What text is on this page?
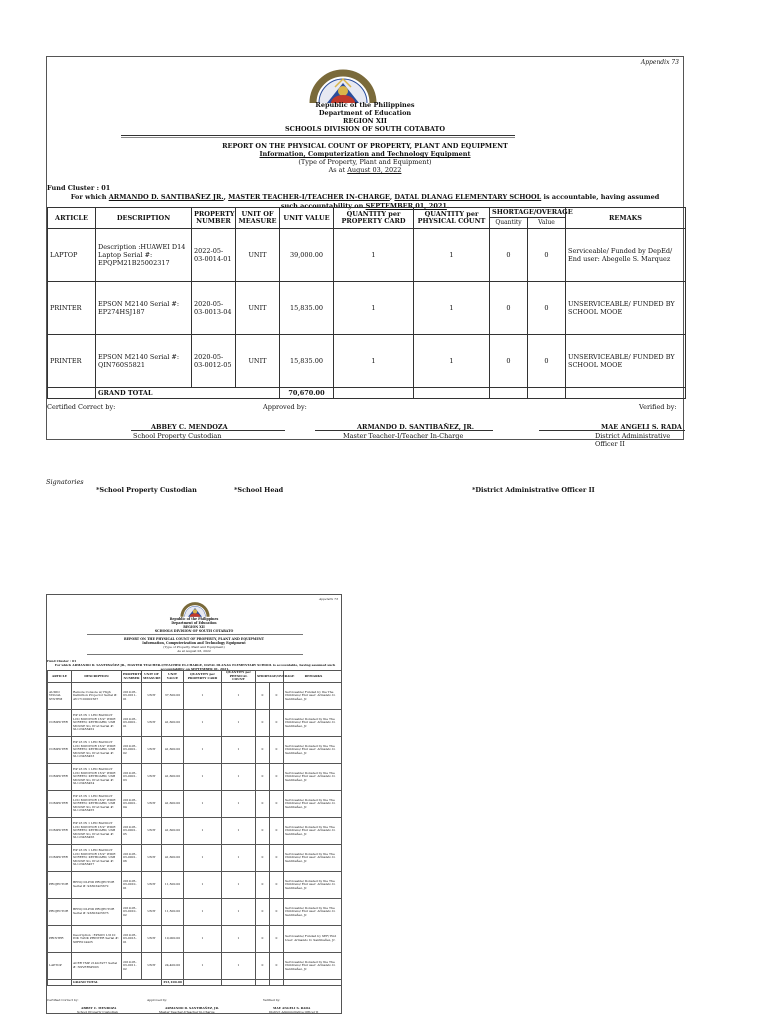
Appendix 73
Republic of the Philippines
Department of Education
REGION XII
SCHOOLS DIVISION OF SOUTH COTABATO
REPORT ON THE PHYSICAL COUNT OF PROPERTY, PLANT AND EQUIPMENT
Information, Computerization and Technology Equipment
(Type of Property, Plant and Equipment)
As at August 03, 2022
Fund Cluster : 01
For which ARMANDO D. SANTIBAÑEZ JR., MASTER TEACHER-I/TEACHER IN-CHARGE, DATAL DLANAG ELEMENTARY SCHOOL is accountable, having assumed such accountability on SEPTEMBER 01, 2021.
ARTICLE	DESCRIPTION	PROPERTY NUMBER	UNIT OF MEASURE	UNIT VALUE	QUANTITY per PROPERTY CARD	QUANTITY per PHYSICAL COUNT	SHORTAGE/OVERAGE		REMAKS
							Quantity	Value	
LAPTOP	Description :HUAWEI D14 Laptop Serial #: EPQPM21B25002317	2022-05-03-0014-01	UNIT	39,000.00	1	1	0	0	Serviceable/ Funded by DepEd/ End user: Abegelle S. Marquez
PRINTER	EPSON M2140 Serial #: EP274HSJ187	2020-05-03-0013-04	UNIT	15,835.00	1	1	0	0	UNSERVICEABLE/ FUNDED BY SCHOOL MOOE
PRINTER	EPSON M2140 Serial #: QIN760S5821	2020-05-03-0012-05	UNIT	15,835.00	1	1	0	0	UNSERVICEABLE/ FUNDED BY SCHOOL MOOE
	GRAND TOTAL			70,670.00					
Certified Correct by:	Approved by:	Verified by:
ABBEY C. MENDOZA	ARMANDO D. SANTIBAÑEZ, JR.	MAE ANGELI S. RADA
School Property Custodian	Master Teacher-I/Teacher In-Charge	District Administrative Officer II
Signatories
*School Property Custodian	*School Head	*District Administrative Officer II
Appendix 73
Republic of the Philippines
Department of Education
REGION XII
SCHOOLS DIVISION OF SOUTH COTABATO
REPORT ON THE PHYSICAL COUNT OF PROPERTY, PLANT AND EQUIPMENT
Information, Computerization and Technology Equipment
(Type of Property, Plant and Equipment)
As at August 03, 2022
Fund Cluster : 01
For which ARMANDO D. SANTIBAÑEZ JR., MASTER TEACHER-I/TEACHER IN-CHARGE, DATAL DLANAG ELEMENTARY SCHOOL is accountable, having assumed such accountability on SEPTEMBER 01, 2021.
ARTICLE	DESCRIPTION	PROPERTY NUMBER	UNIT OF MEASURE	UNIT VALUE	QUANTITY per PROPERTY CARD	QUANTITY per PHYSICAL COUNT	SHORTAGE/OVERAGE		REMARKS
AUDIO VISUAL SYSTEM	Remote Console w/ High Definition Projector Serial #: AV17100001567	2019-05-03-0011-01	UNIT	37,500.00	1	1	0	0	Serviceable/ Funded by the The Childrens/ End user: Armando D. Santibañez, Jr.
COMPUTER	HP 23 IN 1 LED BACKLIT LCD MONITOR 16:9" WIDE SCREEN; KEYBOARD; USB MOUSE SL; Prod Serial #: SL123456452	2019-05-03-0001-01	UNIT	41,600.00	1	1	0	0	Serviceable/ Donated by the The Childrens/ End user: Armando D. Santibañez, Jr.
COMPUTER	HP 23 IN 1 LED BACKLIT LCD MONITOR 16:9" WIDE SCREEN; KEYBOARD; USB MOUSE SL; Prod Serial #: SL123456453	2019-05-03-0001-02	UNIT	41,600.00	1	1	0	0	Serviceable/ Donated by the The Childrens/ End user: Armando D. Santibañez, Jr.
COMPUTER	HP 23 IN 1 LED BACKLIT LCD MONITOR 16:9" WIDE SCREEN; KEYBOARD; USB MOUSE SL; Prod Serial #: SL123456454	2019-05-03-0001-03	UNIT	41,600.00	1	1	0	0	Serviceable/ Donated by the The Childrens/ End user: Armando D. Santibañez, Jr.
COMPUTER	HP 23 IN 1 LED BACKLIT LCD MONITOR 16:9" WIDE SCREEN; KEYBOARD; USB MOUSE SL; Prod Serial #: SL123456455	2019-05-03-0001-04	UNIT	41,600.00	1	1	0	0	Serviceable/ Donated by the The Childrens/ End user: Armando D. Santibañez, Jr.
COMPUTER	HP 23 IN 1 LED BACKLIT LCD MONITOR 16:9" WIDE SCREEN; KEYBOARD; USB MOUSE SL; Prod Serial #: SL123456456	2019-05-03-0001-05	UNIT	41,600.00	1	1	0	0	Serviceable/ Donated by the The Childrens/ End user: Armando D. Santibañez, Jr.
COMPUTER	HP 23 IN 1 LED BACKLIT LCD MONITOR 16:9" WIDE SCREEN; KEYBOARD; USB MOUSE SL; Prod Serial #: SL123456457	2019-05-03-0001-06	UNIT	41,600.00	1	1	0	0	Serviceable/ Donated by the The Childrens/ End user: Armando D. Santibañez, Jr.
PROJECTOR	BENQ DLP3D PROJECTOR Serial #: 93Z03425672	2019-05-03-0010-01	UNIT	11,500.00	1	1	0	0	Serviceable/ Donated by the The Childrens/ End user: Armando D. Santibañez, Jr.
PROJECTOR	BENQ DLP3D PROJECTOR Serial #: 93Z03425673	2019-05-03-0010-02	UNIT	11,500.00	1	1	0	0	Serviceable/ Donated by the The Childrens/ End user: Armando D. Santibañez, Jr.
PRINTER	Description : EPSON L3110 INK TANK PRINTER Serial #: X8FE014425	2019-05-03-0013-01	UNIT	10,000.00	1	1	0	0	Serviceable/ Funded by SEF/ End User: Armando D. Santibañez, Jr.
LAPTOP	ACER TMP 2140-5977 Serial #: NXVERSP003	2019-05-03-0011-02	UNIT	24,400.00	1	1	0	0	Serviceable/ Donated by the The Childrens/ End user: Armando D. Santibañez, Jr.
	GRAND TOTAL			353,100.00					
Certified Correct by:	Approved by:	Verified by:
ABBEY C. MENDOZA	ARMANDO D. SANTIBAÑEZ, JR.	MAE ANGELI S. RADA
School Property Custodian	Master Teacher-I/Teacher In-Charge	District Administrative Officer II
